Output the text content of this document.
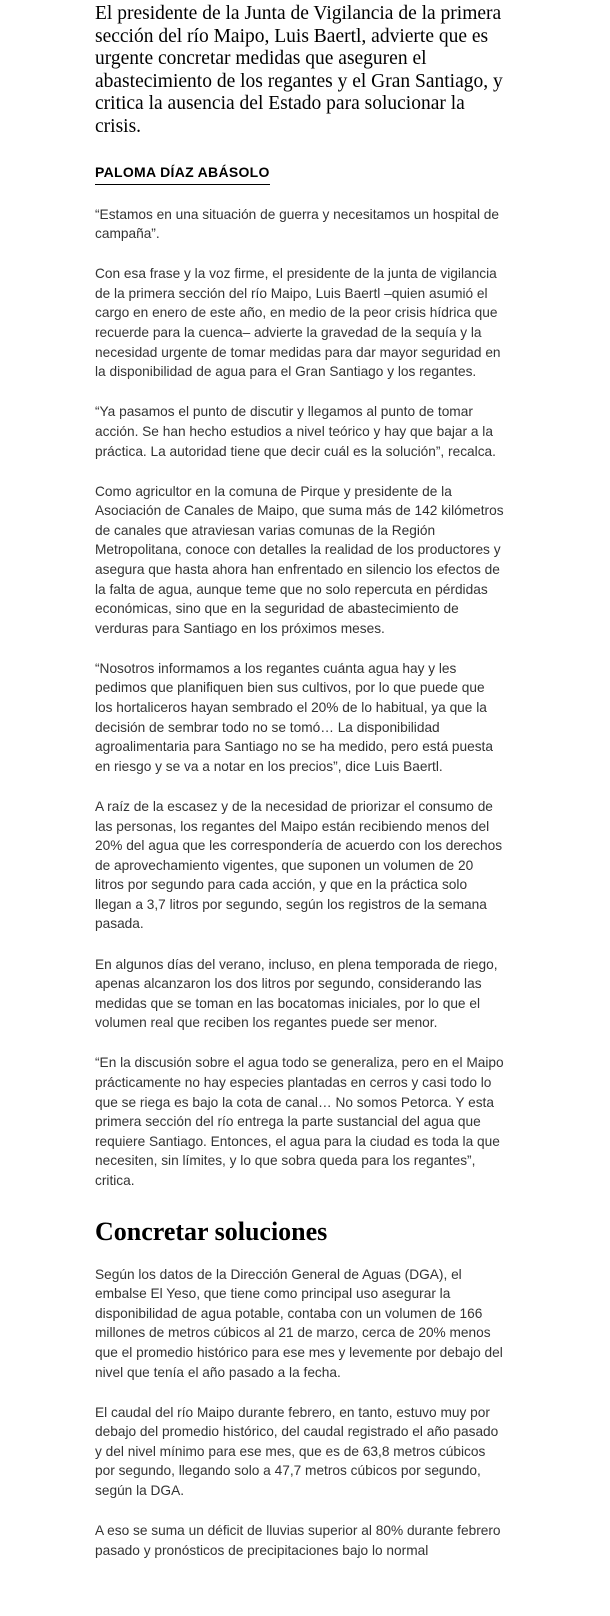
El presidente de la Junta de Vigilancia de la primera sección del río Maipo, Luis Baertl, advierte que es urgente concretar medidas que aseguren el abastecimiento de los regantes y el Gran Santiago, y critica la ausencia del Estado para solucionar la crisis.

PALOMA DÍAZ ABÁSOLO

“Estamos en una situación de guerra y necesitamos un hospital de campaña”.

Con esa frase y la voz firme, el presidente de la junta de vigilancia de la primera sección del río Maipo, Luis Baertl –quien asumió el cargo en enero de este año, en medio de la peor crisis hídrica que recuerde para la cuenca– advierte la gravedad de la sequía y la necesidad urgente de tomar medidas para dar mayor seguridad en la disponibilidad de agua para el Gran Santiago y los regantes.

“Ya pasamos el punto de discutir y llegamos al punto de tomar acción. Se han hecho estudios a nivel teórico y hay que bajar a la práctica. La autoridad tiene que decir cuál es la solución”, recalca.

Como agricultor en la comuna de Pirque y presidente de la Asociación de Canales de Maipo, que suma más de 142 kilómetros de canales que atraviesan varias comunas de la Región Metropolitana, conoce con detalles la realidad de los productores y asegura que hasta ahora han enfrentado en silencio los efectos de la falta de agua, aunque teme que no solo repercuta en pérdidas económicas, sino que en la seguridad de abastecimiento de verduras para Santiago en los próximos meses.

“Nosotros informamos a los regantes cuánta agua hay y les pedimos que planifiquen bien sus cultivos, por lo que puede que los hortaliceros hayan sembrado el 20% de lo habitual, ya que la decisión de sembrar todo no se tomó… La disponibilidad agroalimentaria para Santiago no se ha medido, pero está puesta en riesgo y se va a notar en los precios”, dice Luis Baertl.

A raíz de la escasez y de la necesidad de priorizar el consumo de las personas, los regantes del Maipo están recibiendo menos del 20% del agua que les correspondería de acuerdo con los derechos de aprovechamiento vigentes, que suponen un volumen de 20 litros por segundo para cada acción, y que en la práctica solo llegan a 3,7 litros por segundo, según los registros de la semana pasada.

En algunos días del verano, incluso, en plena temporada de riego, apenas alcanzaron los dos litros por segundo, considerando las medidas que se toman en las bocatomas iniciales, por lo que el volumen real que reciben los regantes puede ser menor.

“En la discusión sobre el agua todo se generaliza, pero en el Maipo prácticamente no hay especies plantadas en cerros y casi todo lo que se riega es bajo la cota de canal… No somos Petorca. Y esta primera sección del río entrega la parte sustancial del agua que requiere Santiago. Entonces, el agua para la ciudad es toda la que necesiten, sin límites, y lo que sobra queda para los regantes”, critica.

Concretar soluciones

Según los datos de la Dirección General de Aguas (DGA), el embalse El Yeso, que tiene como principal uso asegurar la disponibilidad de agua potable, contaba con un volumen de 166 millones de metros cúbicos al 21 de marzo, cerca de 20% menos que el promedio histórico para ese mes y levemente por debajo del nivel que tenía el año pasado a la fecha.

El caudal del río Maipo durante febrero, en tanto, estuvo muy por debajo del promedio histórico, del caudal registrado el año pasado y del nivel mínimo para ese mes, que es de 63,8 metros cúbicos por segundo, llegando solo a 47,7 metros cúbicos por segundo, según la DGA.

A eso se suma un déficit de lluvias superior al 80% durante febrero pasado y pronósticos de precipitaciones bajo lo normal
